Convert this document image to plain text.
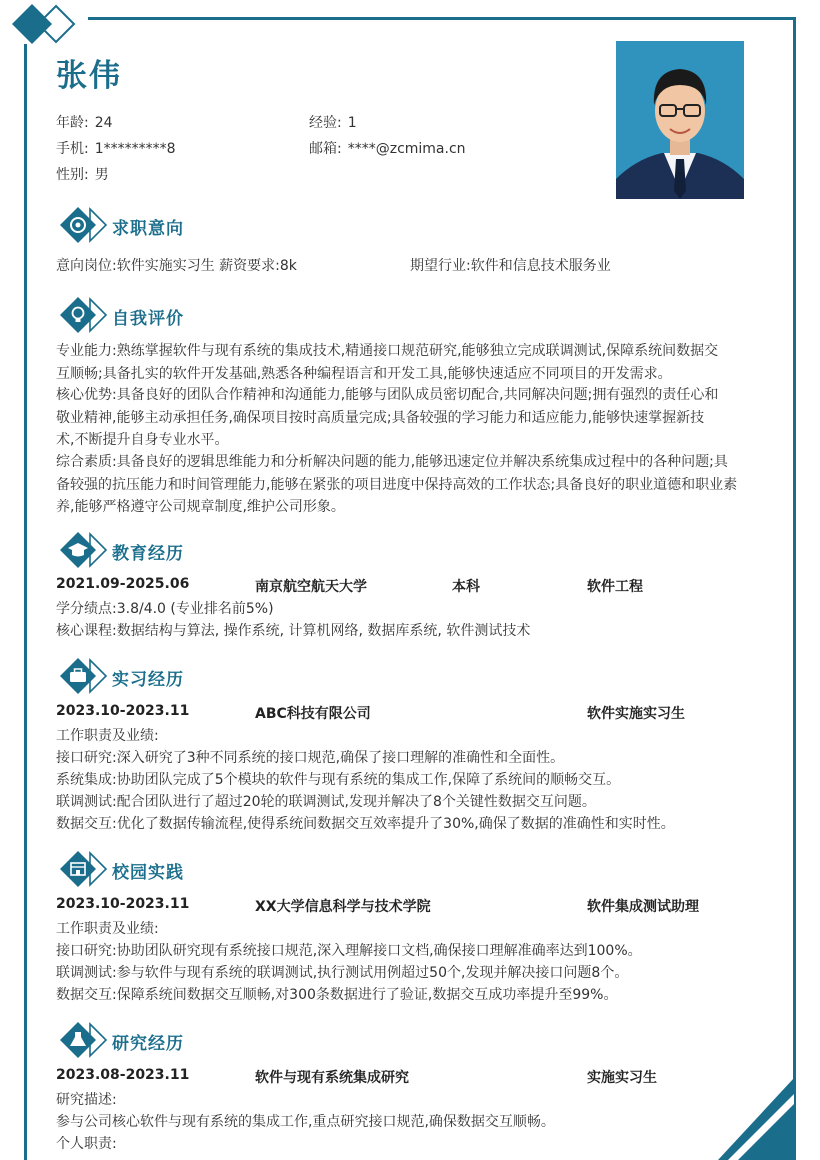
张伟
年龄: 24	经验: 1
手机: 1*********8	邮箱: ****@zcmima.cn
性别: 男
求职意向
意向岗位:软件实施实习生 薪资要求:8k	期望行业:软件和信息技术服务业
自我评价
专业能力:熟练掌握软件与现有系统的集成技术,精通接口规范研究,能够独立完成联调测试,保障系统间数据交
互顺畅;具备扎实的软件开发基础,熟悉各种编程语言和开发工具,能够快速适应不同项目的开发需求。
核心优势:具备良好的团队合作精神和沟通能力,能够与团队成员密切配合,共同解决问题;拥有强烈的责任心和
敬业精神,能够主动承担任务,确保项目按时高质量完成;具备较强的学习能力和适应能力,能够快速掌握新技
术,不断提升自身专业水平。
综合素质:具备良好的逻辑思维能力和分析解决问题的能力,能够迅速定位并解决系统集成过程中的各种问题;具
备较强的抗压能力和时间管理能力,能够在紧张的项目进度中保持高效的工作状态;具备良好的职业道德和职业素
养,能够严格遵守公司规章制度,维护公司形象。
教育经历
2021.09-2025.06	南京航空航天大学	本科	软件工程
学分绩点:3.8/4.0 (专业排名前5%)
核心课程:数据结构与算法, 操作系统, 计算机网络, 数据库系统, 软件测试技术
实习经历
2023.10-2023.11	ABC科技有限公司	软件实施实习生
工作职责及业绩:
接口研究:深入研究了3种不同系统的接口规范,确保了接口理解的准确性和全面性。
系统集成:协助团队完成了5个模块的软件与现有系统的集成工作,保障了系统间的顺畅交互。
联调测试:配合团队进行了超过20轮的联调测试,发现并解决了8个关键性数据交互问题。
数据交互:优化了数据传输流程,使得系统间数据交互效率提升了30%,确保了数据的准确性和实时性。
校园实践
2023.10-2023.11	XX大学信息科学与技术学院	软件集成测试助理
工作职责及业绩:
接口研究:协助团队研究现有系统接口规范,深入理解接口文档,确保接口理解准确率达到100%。
联调测试:参与软件与现有系统的联调测试,执行测试用例超过50个,发现并解决接口问题8个。
数据交互:保障系统间数据交互顺畅,对300条数据进行了验证,数据交互成功率提升至99%。
研究经历
2023.08-2023.11	软件与现有系统集成研究	实施实习生
研究描述:
参与公司核心软件与现有系统的集成工作,重点研究接口规范,确保数据交互顺畅。
个人职责:
